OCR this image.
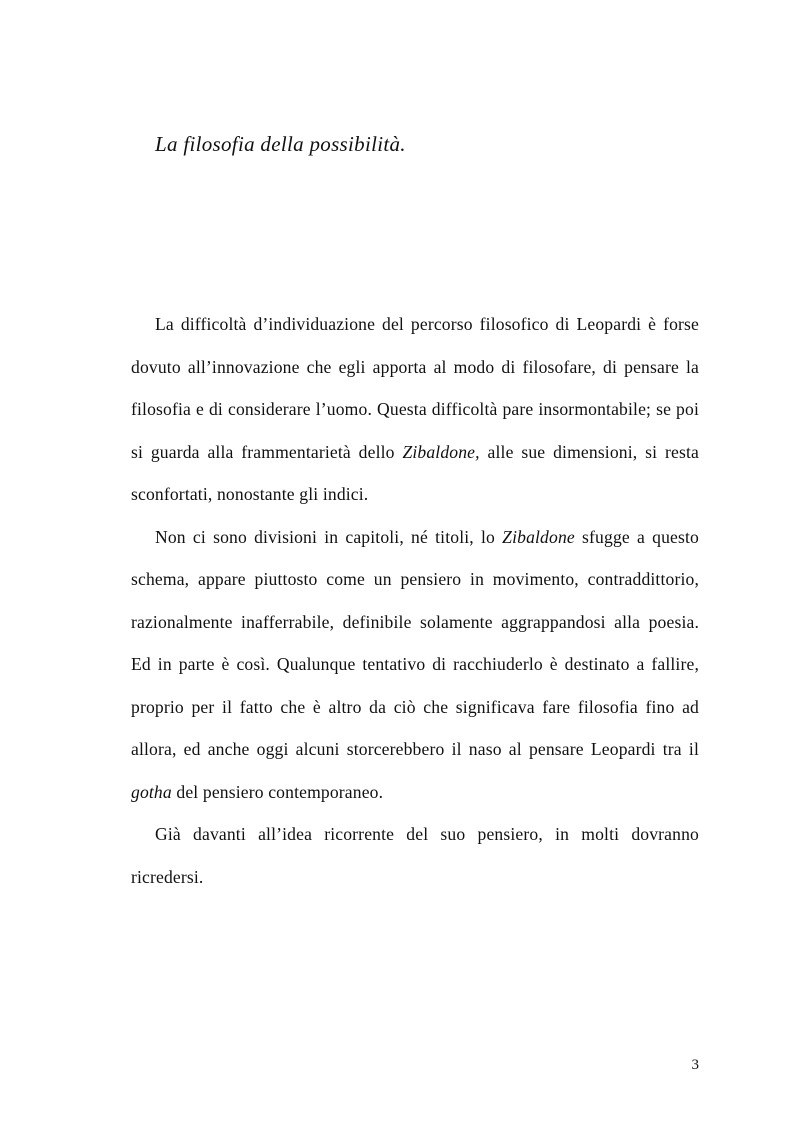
La filosofia della possibilità.

La difficoltà d’individuazione del percorso filosofico di Leopardi è forse dovuto all’innovazione che egli apporta al modo di filosofare, di pensare la filosofia e di considerare l’uomo. Questa difficoltà pare insormontabile; se poi si guarda alla frammentarietà dello Zibaldone, alle sue dimensioni, si resta sconfortati, nonostante gli indici.

Non ci sono divisioni in capitoli, né titoli, lo Zibaldone sfugge a questo schema, appare piuttosto come un pensiero in movimento, contraddittorio, razionalmente inafferrabile, definibile solamente aggrappandosi alla poesia. Ed in parte è così. Qualunque tentativo di racchiuderlo è destinato a fallire, proprio per il fatto che è altro da ciò che significava fare filosofia fino ad allora, ed anche oggi alcuni storcerebbero il naso al pensare Leopardi tra il gotha del pensiero contemporaneo.

Già davanti all’idea ricorrente del suo pensiero, in molti dovranno ricredersi.

3
